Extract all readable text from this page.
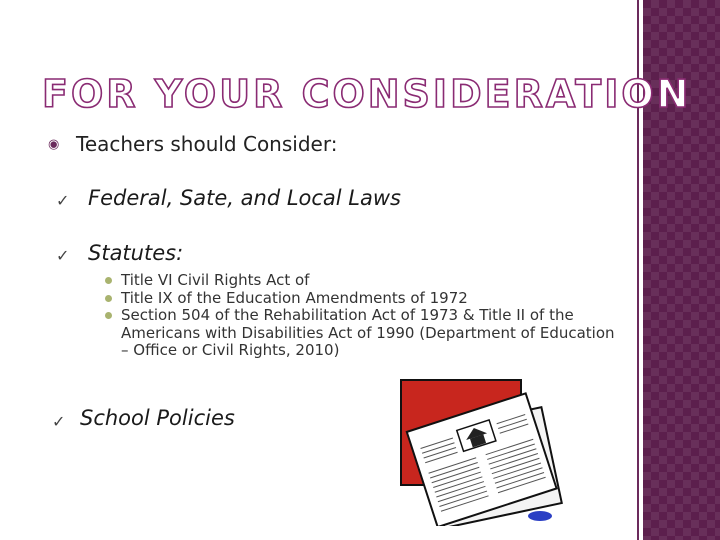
FOR YOUR CONSIDERATION
◉ Teachers should Consider:
✓ Federal, Sate, and Local Laws
✓ Statutes:
Title VI Civil Rights Act of
Title IX of the Education Amendments of 1972
Section 504 of the Rehabilitation Act of 1973 & Title II of the Americans with Disabilities Act of 1990 (Department of Education – Office or Civil Rights, 2010)
✓ School Policies
